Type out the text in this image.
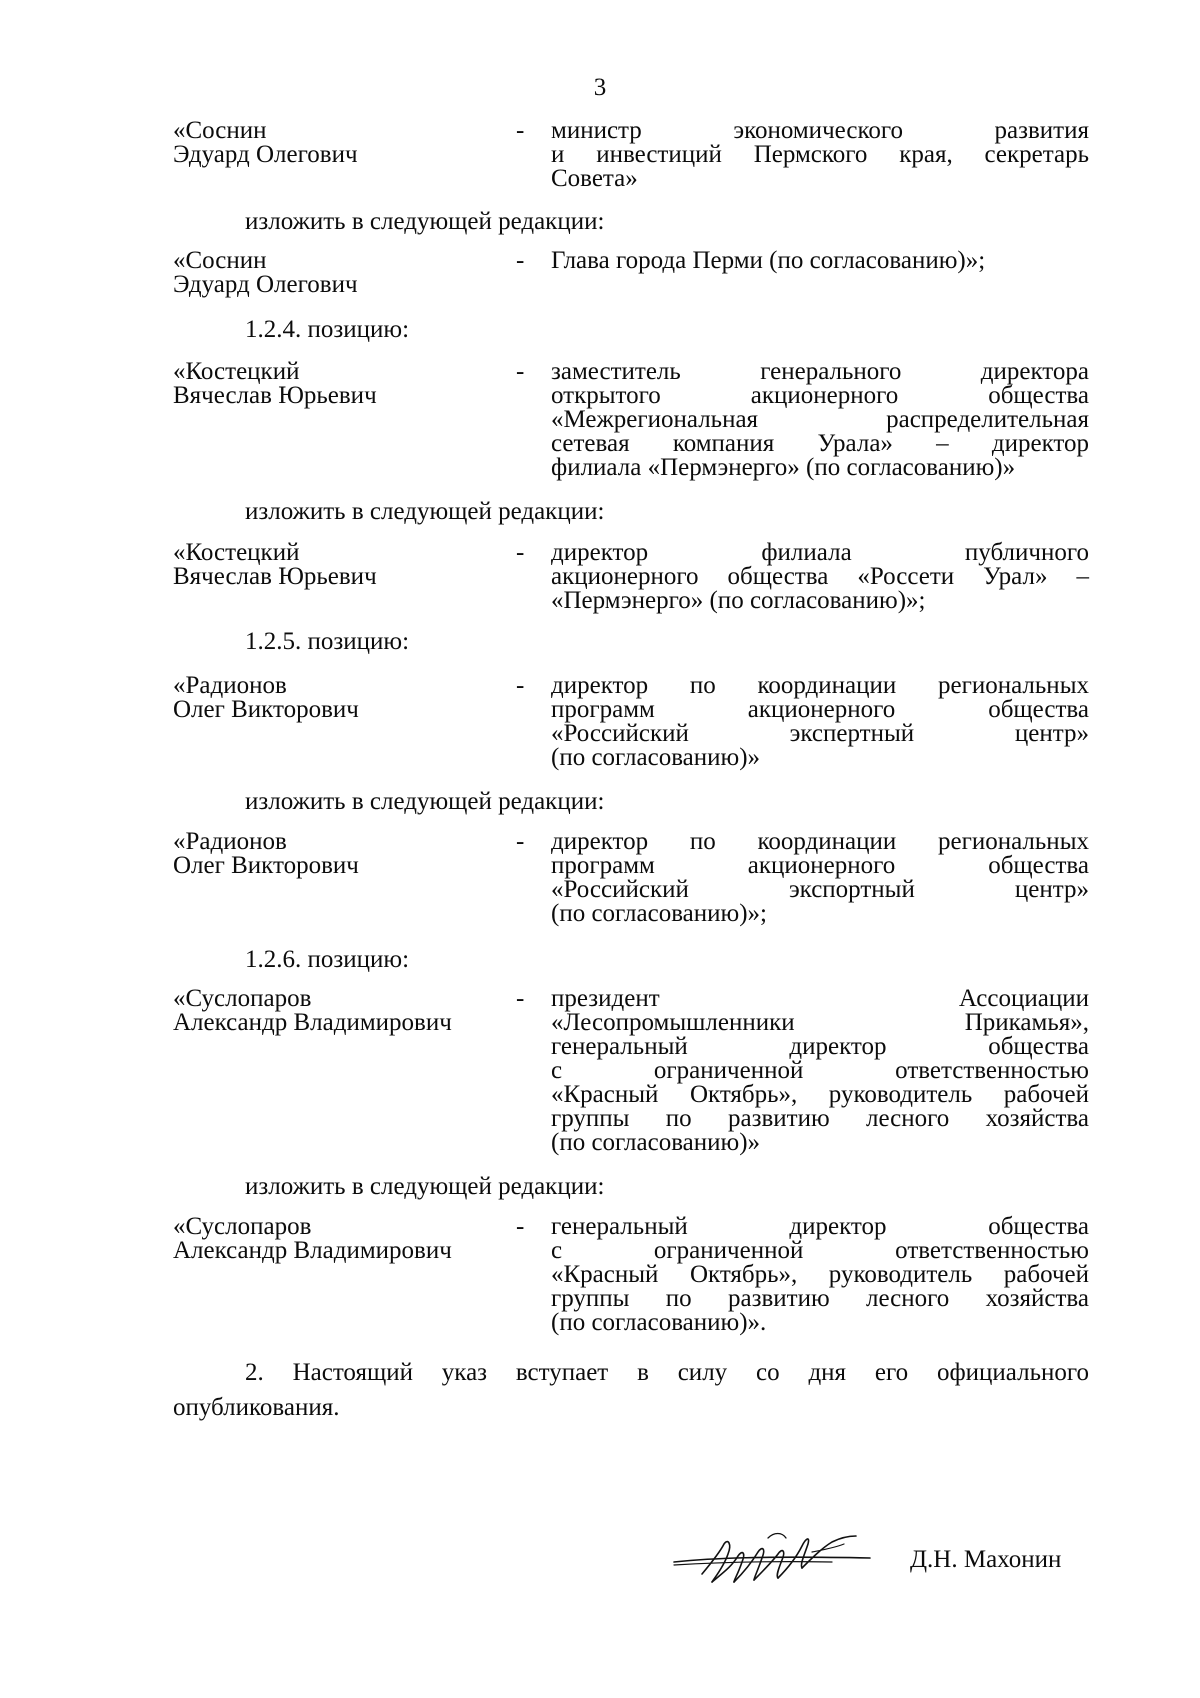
3
«Соснин
Эдуард Олегович
- министр экономического развития
и инвестиций Пермского края, секретарь
Совета»
изложить в следующей редакции:
«Соснин
Эдуард Олегович
- Глава города Перми (по согласованию)»;
1.2.4. позицию:
«Костецкий
Вячеслав Юрьевич
- заместитель генерального директора
открытого акционерного общества
«Межрегиональная распределительная
сетевая компания Урала» – директор
филиала «Пермэнерго» (по согласованию)»
изложить в следующей редакции:
«Костецкий
Вячеслав Юрьевич
- директор филиала публичного
акционерного общества «Россети Урал» –
«Пермэнерго» (по согласованию)»;
1.2.5. позицию:
«Радионов
Олег Викторович
- директор по координации региональных
программ акционерного общества
«Российский экспертный центр»
(по согласованию)»
изложить в следующей редакции:
«Радионов
Олег Викторович
- директор по координации региональных
программ акционерного общества
«Российский экспортный центр»
(по согласованию)»;
1.2.6. позицию:
«Суслопаров
Александр Владимирович
- президент Ассоциации
«Лесопромышленники Прикамья»,
генеральный директор общества
с ограниченной ответственностью
«Красный Октябрь», руководитель рабочей
группы по развитию лесного хозяйства
(по согласованию)»
изложить в следующей редакции:
«Суслопаров
Александр Владимирович
- генеральный директор общества
с ограниченной ответственностью
«Красный Октябрь», руководитель рабочей
группы по развитию лесного хозяйства
(по согласованию)».
2. Настоящий указ вступает в силу со дня его официального
опубликования.
Д.Н. Махонин
